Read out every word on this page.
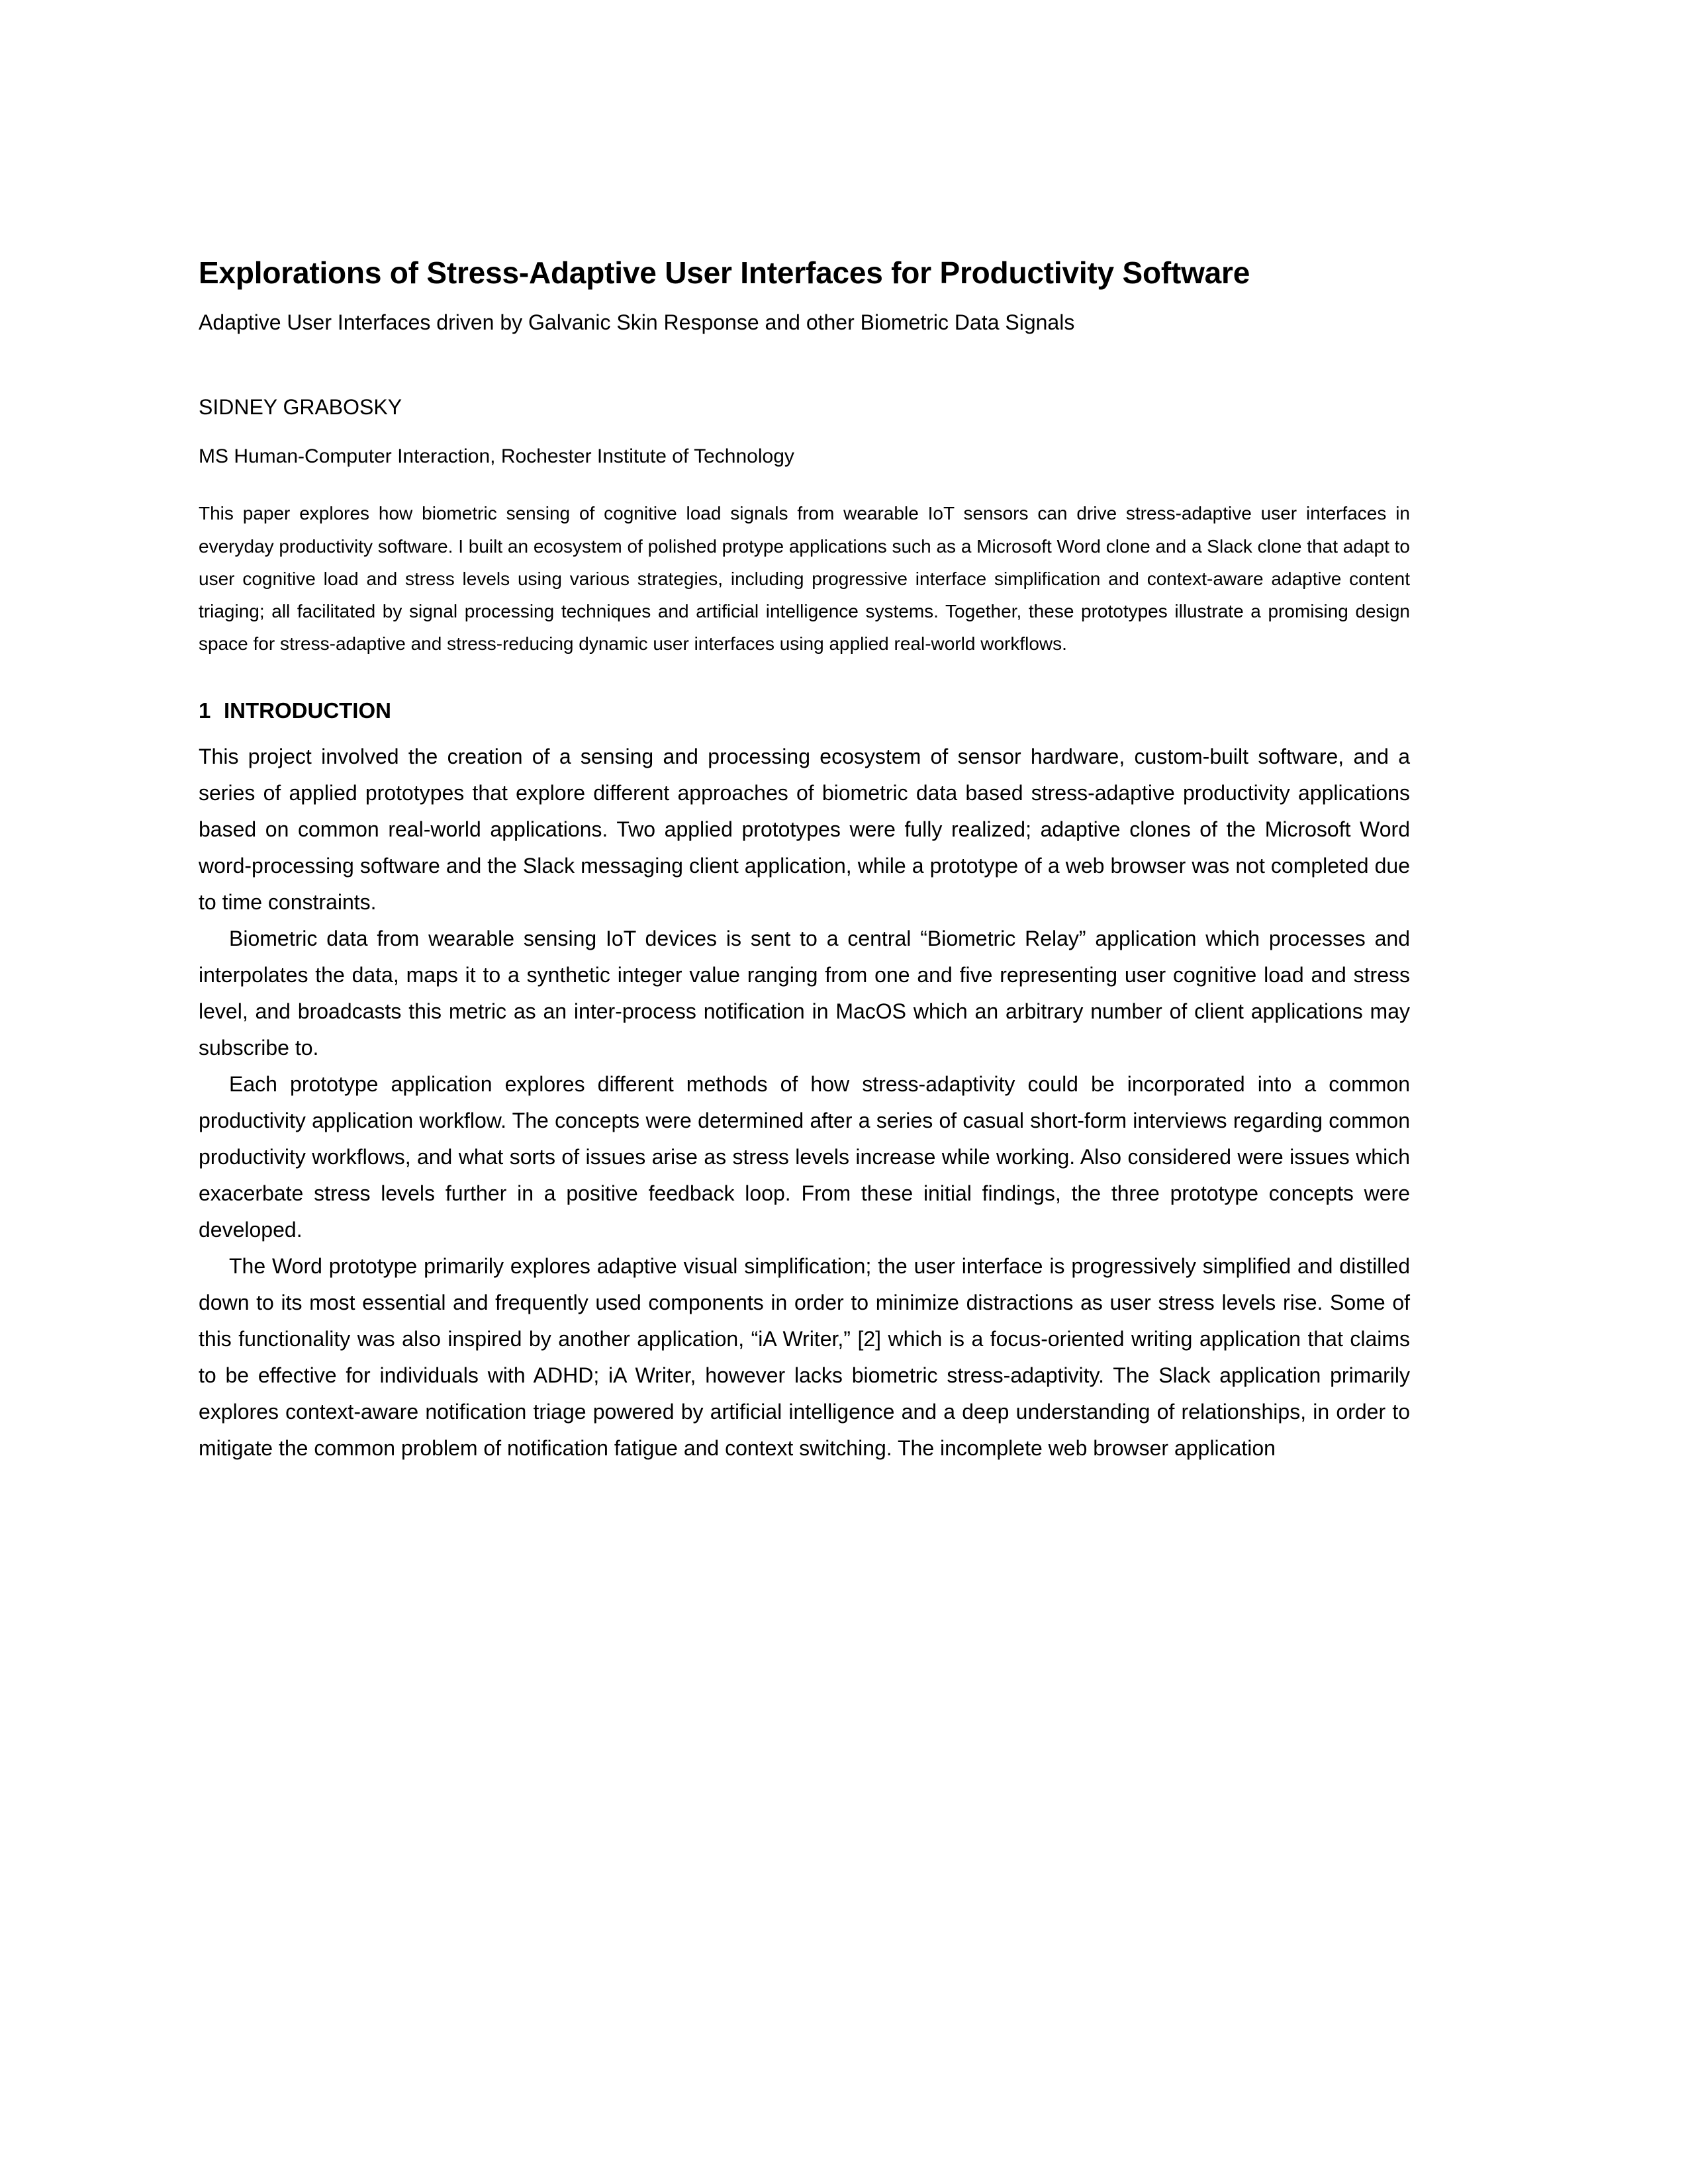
Explorations of Stress-Adaptive User Interfaces for Productivity Software

Adaptive User Interfaces driven by Galvanic Skin Response and other Biometric Data Signals

SIDNEY GRABOSKY

MS Human-Computer Interaction, Rochester Institute of Technology

This paper explores how biometric sensing of cognitive load signals from wearable IoT sensors can drive stress-adaptive user interfaces in everyday productivity software. I built an ecosystem of polished protype applications such as a Microsoft Word clone and a Slack clone that adapt to user cognitive load and stress levels using various strategies, including progressive interface simplification and context-aware adaptive content triaging; all facilitated by signal processing techniques and artificial intelligence systems. Together, these prototypes illustrate a promising design space for stress-adaptive and stress-reducing dynamic user interfaces using applied real-world workflows.

1 INTRODUCTION

This project involved the creation of a sensing and processing ecosystem of sensor hardware, custom-built software, and a series of applied prototypes that explore different approaches of biometric data based stress-adaptive productivity applications based on common real-world applications. Two applied prototypes were fully realized; adaptive clones of the Microsoft Word word-processing software and the Slack messaging client application, while a prototype of a web browser was not completed due to time constraints.

Biometric data from wearable sensing IoT devices is sent to a central “Biometric Relay” application which processes and interpolates the data, maps it to a synthetic integer value ranging from one and five representing user cognitive load and stress level, and broadcasts this metric as an inter-process notification in MacOS which an arbitrary number of client applications may subscribe to.

Each prototype application explores different methods of how stress-adaptivity could be incorporated into a common productivity application workflow. The concepts were determined after a series of casual short-form interviews regarding common productivity workflows, and what sorts of issues arise as stress levels increase while working. Also considered were issues which exacerbate stress levels further in a positive feedback loop. From these initial findings, the three prototype concepts were developed.

The Word prototype primarily explores adaptive visual simplification; the user interface is progressively simplified and distilled down to its most essential and frequently used components in order to minimize distractions as user stress levels rise. Some of this functionality was also inspired by another application, “iA Writer,” [2] which is a focus-oriented writing application that claims to be effective for individuals with ADHD; iA Writer, however lacks biometric stress-adaptivity. The Slack application primarily explores context-aware notification triage powered by artificial intelligence and a deep understanding of relationships, in order to mitigate the common problem of notification fatigue and context switching. The incomplete web browser application
